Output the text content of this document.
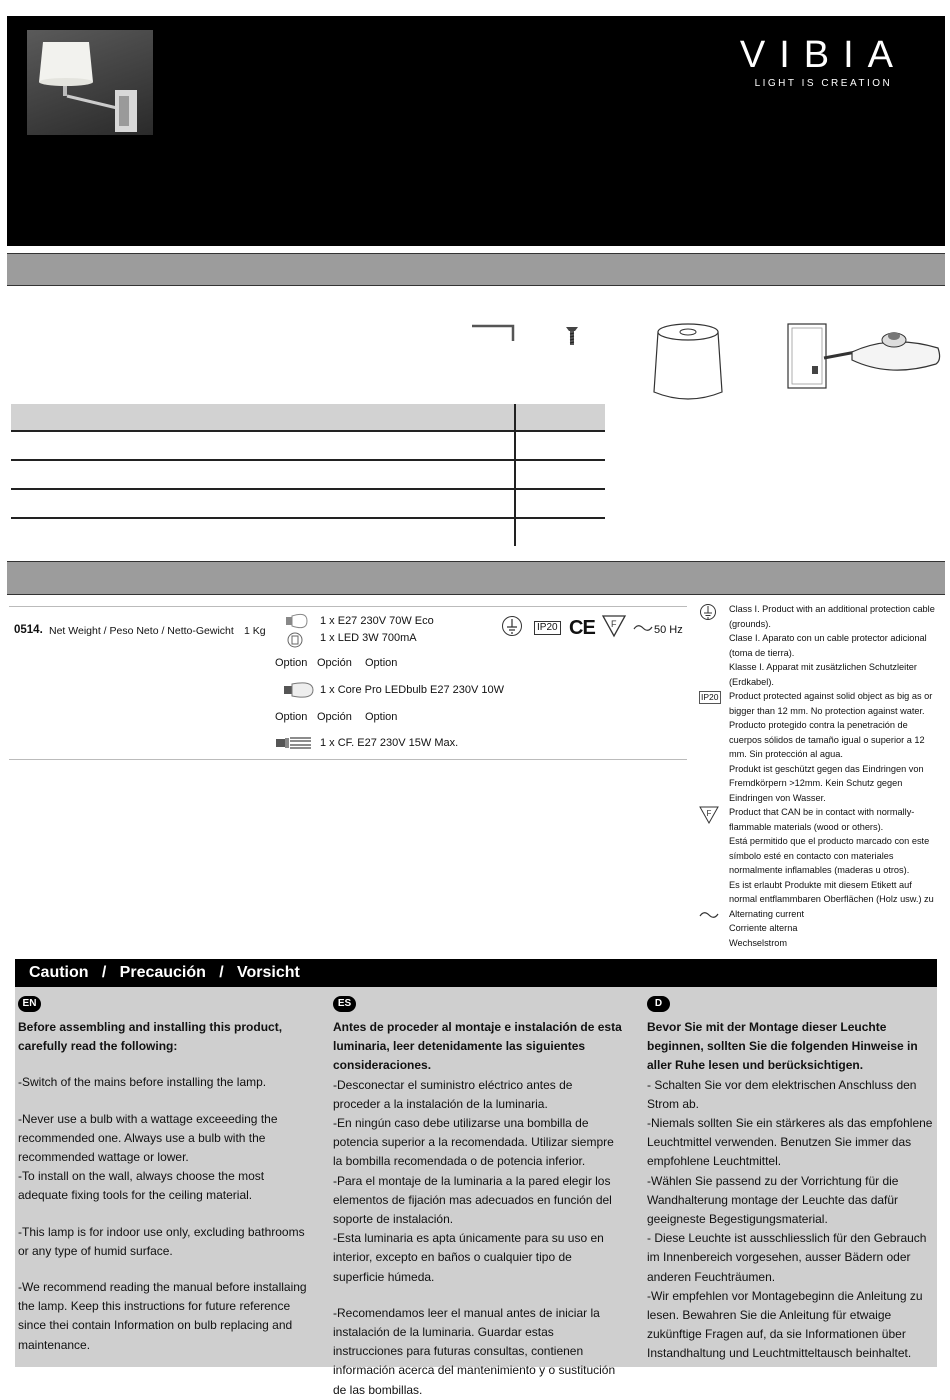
VIBIA
LIGHT IS CREATION
0514. Net Weight / Peso Neto / Netto-Gewicht 1 Kg
1 x E27 230V 70W Eco
1 x LED 3W 700mA
Option Opción Option
1 x Core Pro LEDbulb E27 230V 10W
Option Opción Option
1 x CF. E27 230V 15W Max.
IP20 CE F	50 Hz
Class I. Product with an additional protection cable (grounds).
Clase I. Aparato con un cable protector adicional (toma de tierra).
Klasse I. Apparat mit zusätzlichen Schutzleiter (Erdkabel).
IP20 Product protected against solid object as big as or bigger than 12 mm. No protection against water.
Producto protegido contra la penetración de cuerpos sólidos de tamaño igual o superior a 12 mm. Sin protección al agua.
Produkt ist geschützt gegen das Eindringen von Fremdkörpern >12mm. Kein Schutz gegen Eindringen von Wasser.
F Product that CAN be in contact with normally-flammable materials (wood or others).
Está permitido que el producto marcado con este símbolo esté en contacto con materiales normalmente inflamables (maderas u otros).
Es ist erlaubt Produkte mit diesem Etikett auf normal entflammbaren Oberflächen (Holz usw.) zu
Alternating current
Corriente alterna
Wechselstrom
Caution   /   Precaución   /   Vorsicht
EN

Before assembling and installing this product, carefully read the following:

-Switch of the mains before installing the lamp.

-Never use a bulb with a wattage exceeeding the recommended one. Always use a bulb with the recommended wattage or lower.

-To install on the wall, always choose the most adequate fixing tools for the ceiling material.

-This lamp is for indoor use only, excluding bathrooms or any type of humid surface.

-We recommend reading the manual before installaing the lamp. Keep this instructions for future reference since thei contain Information on bulb replacing and maintenance.

ES

Antes de proceder al montaje e instalación de esta luminaria, leer detenidamente las siguientes consideraciones.

-Desconectar el suministro eléctrico antes de proceder a la instalación de la luminaria.

-En ningún caso debe utilizarse una bombilla de potencia superior a la recomendada. Utilizar siempre la bombilla recomendada o de potencia inferior.

-Para el montaje de la luminaria a la pared elegir los elementos de fijación mas adecuados en función del soporte de instalación.

-Esta luminaria es apta únicamente para su uso en interior, excepto en baños o cualquier tipo de superficie húmeda.

-Recomendamos leer el manual antes de iniciar la instalación de la luminaria. Guardar estas instrucciones para futuras consultas, contienen información acerca del mantenimiento y o sustitución de las bombillas.

D

Bevor Sie mit der Montage dieser Leuchte beginnen, sollten Sie die folgenden Hinweise in aller Ruhe lesen und berücksichtigen.

- Schalten Sie vor dem elektrischen Anschluss den Strom ab.

-Niemals sollten Sie ein stärkeres als das empfohlene Leuchtmittel verwenden. Benutzen Sie immer das empfohlene Leuchtmittel.

-Wählen Sie passend zu der Vorrichtung für die Wandhalterung montage der Leuchte das dafür geeigneste Begestigungsmaterial.

- Diese Leuchte ist ausschliesslich für den Gebrauch im Innenbereich vorgesehen, ausser Bädern oder anderen Feuchträumen.

-Wir empfehlen vor Montagebeginn die Anleitung zu lesen. Bewahren Sie die Anleitung für etwaige zukünftige Fragen auf, da sie Informationen über Instandhaltung und Leuchtmitteltausch beinhaltet.
